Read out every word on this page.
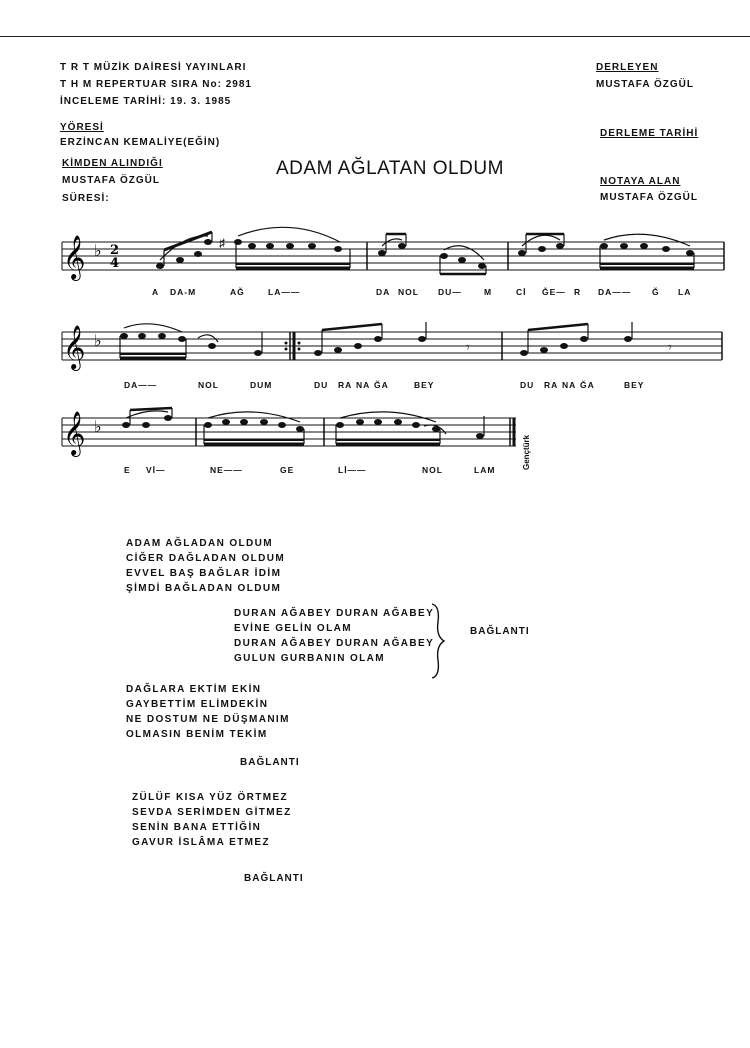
T R T MÜZİK DAİRESİ YAYINLARI
T H M REPERTUAR SIRA No: 2981
İNCELEME TARİHİ: 19. 3. 1985
YÖRESİ
ERZİNCAN KEMALİYE(EĞİN)
KİMDEN ALINDIĞI
MUSTAFA ÖZGÜL
SÜRESİ:
DERLEYEN
MUSTAFA ÖZGÜL
DERLEME TARİHİ
NOTAYA ALAN
MUSTAFA ÖZGÜL
ADAM AĞLATAN OLDUM
𝄞 ♭ 2
4
♯
A DA-M	AĞ	LA——	DA NOL DU—	M	Cİ ĞE— R DA—— Ğ LA
𝄞 ♭	𝄾	𝄾
DA——	NOL	DUM	DU RA NA ĞA	BEY	DU RA NA ĞA	BEY
𝄞 ♭
Gençtürk
E Vİ—	NE——	GE	Lİ——	NOL	LAM
ADAM AĞLADAN OLDUM
CİĞER DAĞLADAN OLDUM
EVVEL BAŞ BAĞLAR İDİM
ŞİMDİ BAĞLADAN OLDUM
DURAN AĞABEY DURAN AĞABEY
EVİNE GELİN OLAM
DURAN AĞABEY DURAN AĞABEY
GULUN GURBANIN OLAM
BAĞLANTI
DAĞLARA EKTİM EKİN
GAYBETTİM ELİMDEKİN
NE DOSTUM NE DÜŞMANIM
OLMASIN BENİM TEKİM
BAĞLANTI
ZÜLÜF KISA YÜZ ÖRTMEZ
SEVDA SERİMDEN GİTMEZ
SENİN BANA ETTİĞİN
GAVUR İSLÂMA ETMEZ
BAĞLANTI
